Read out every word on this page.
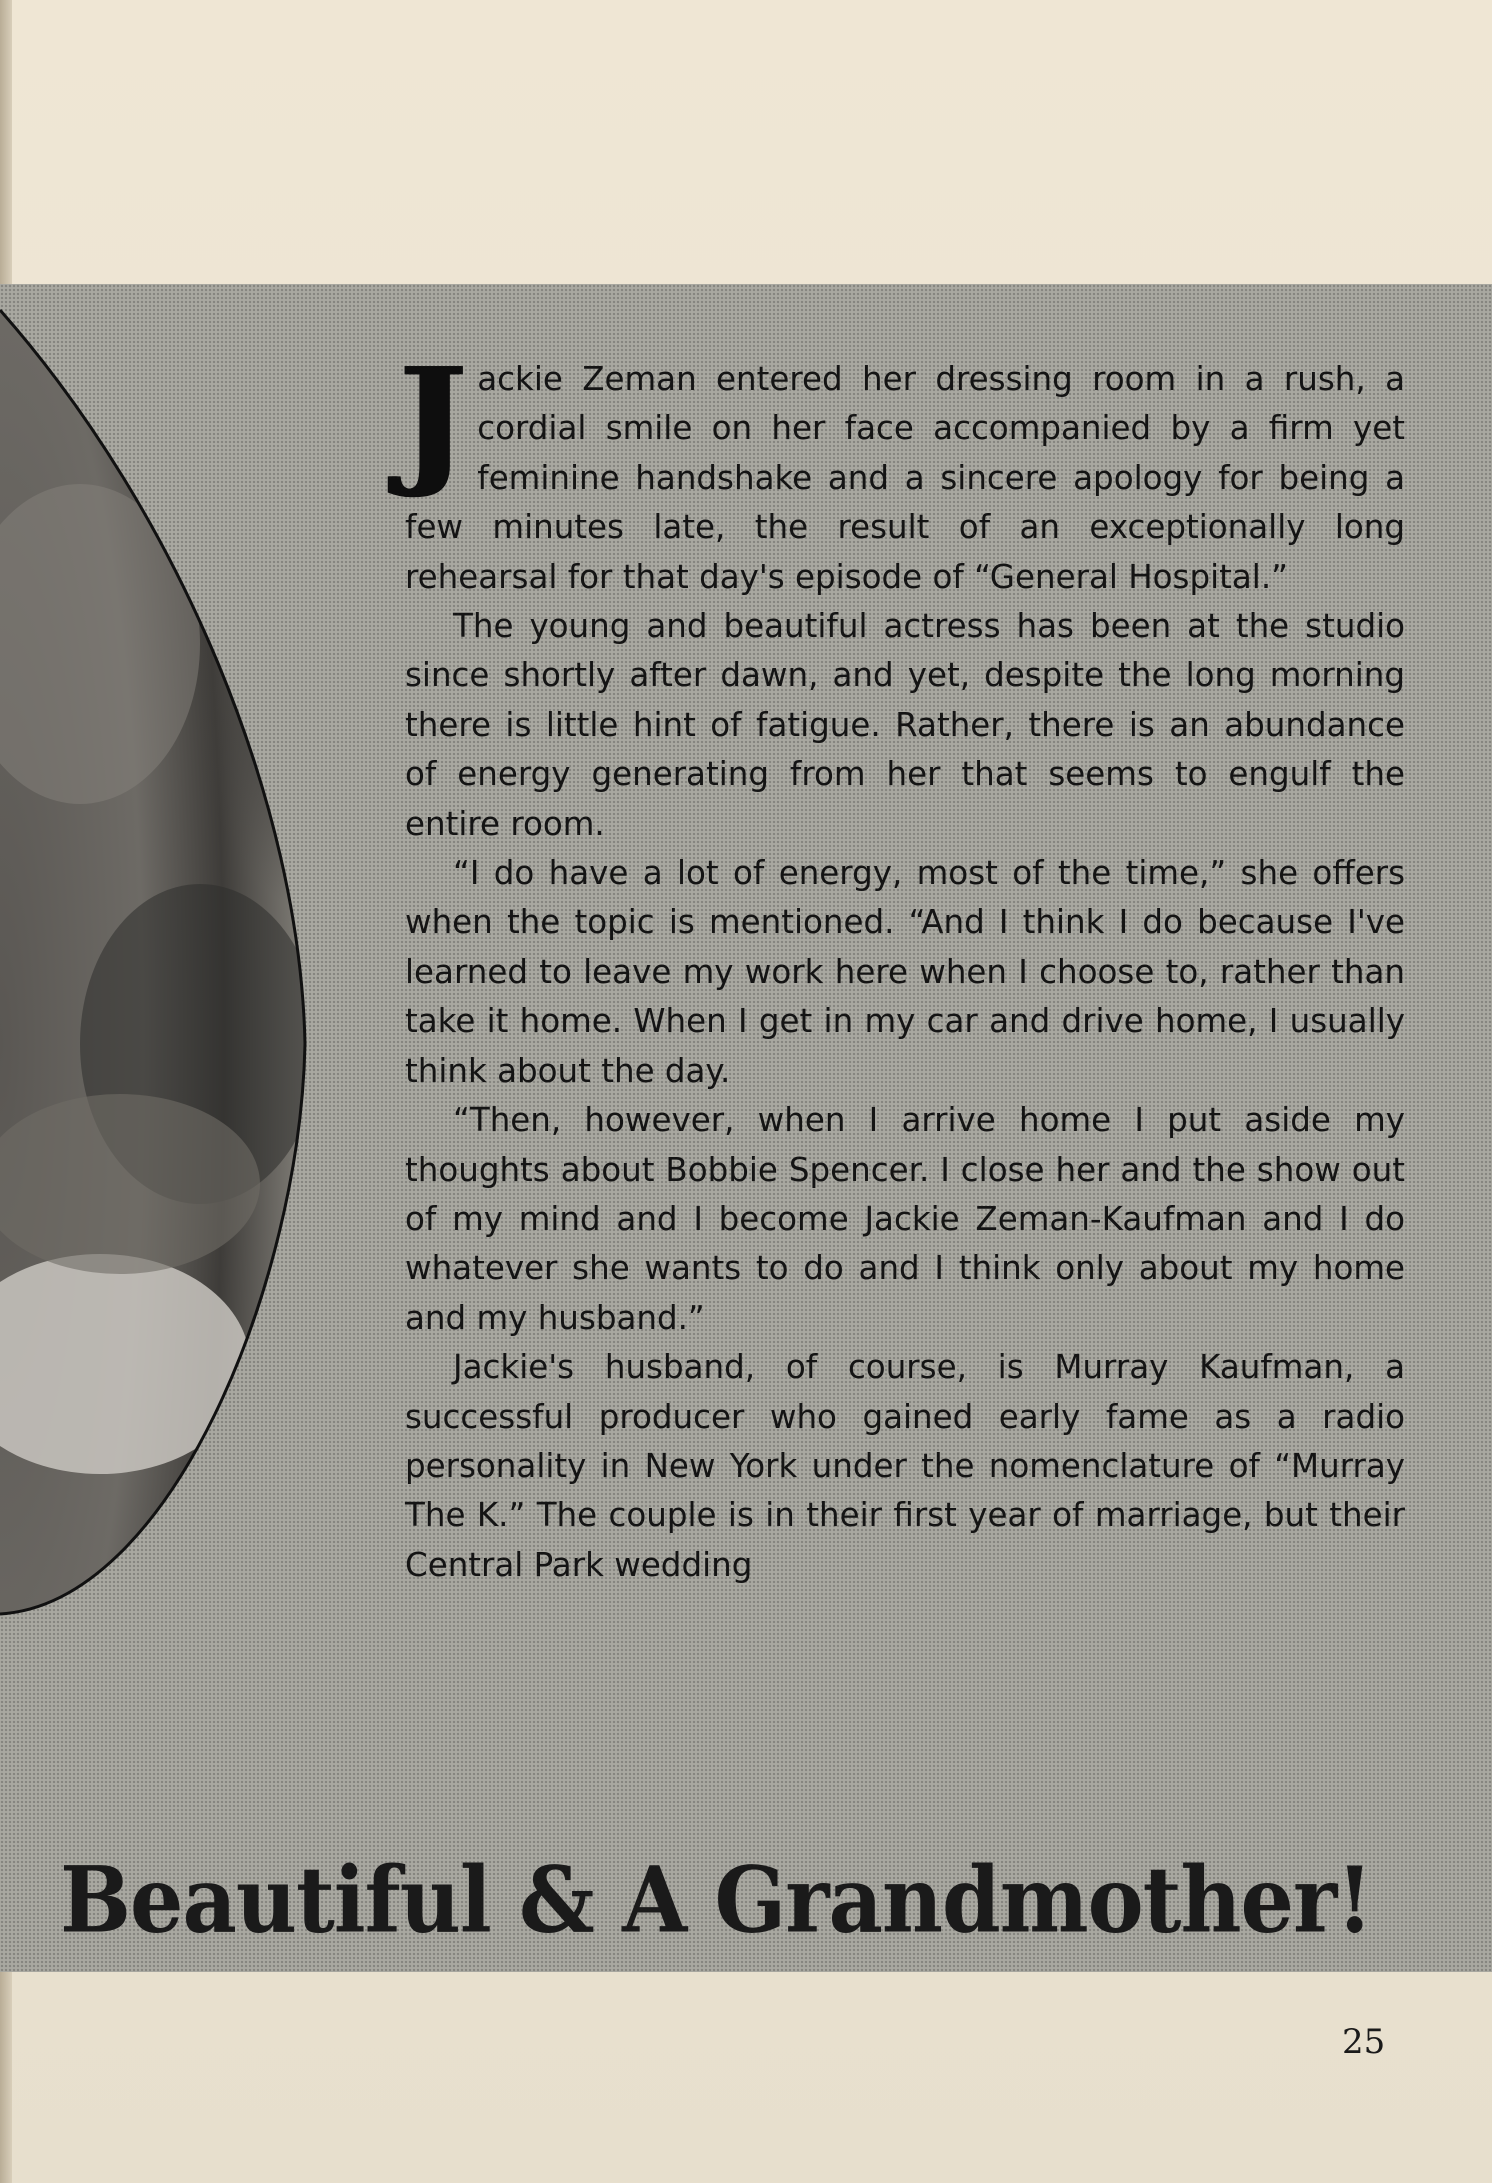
Jackie Zeman entered her dressing room in a rush, a cordial smile on her face accompanied by a firm yet feminine handshake and a sincere apology for being a few minutes late, the result of an exceptionally long rehearsal for that day's episode of “General Hospital.”

The young and beautiful actress has been at the studio since shortly after dawn, and yet, despite the long morning there is little hint of fatigue. Rather, there is an abundance of energy generating from her that seems to engulf the entire room.

“I do have a lot of energy, most of the time,” she offers when the topic is mentioned. “And I think I do because I've learned to leave my work here when I choose to, rather than take it home. When I get in my car and drive home, I usually think about the day.

“Then, however, when I arrive home I put aside my thoughts about Bobbie Spencer. I close her and the show out of my mind and I become Jackie Zeman-Kaufman and I do whatever she wants to do and I think only about my home and my husband.”

Jackie's husband, of course, is Murray Kaufman, a successful producer who gained early fame as a radio personality in New York under the nomenclature of “Murray The K.” The couple is in their first year of marriage, but their Central Park wedding

Beautiful & A Grandmother!
25
